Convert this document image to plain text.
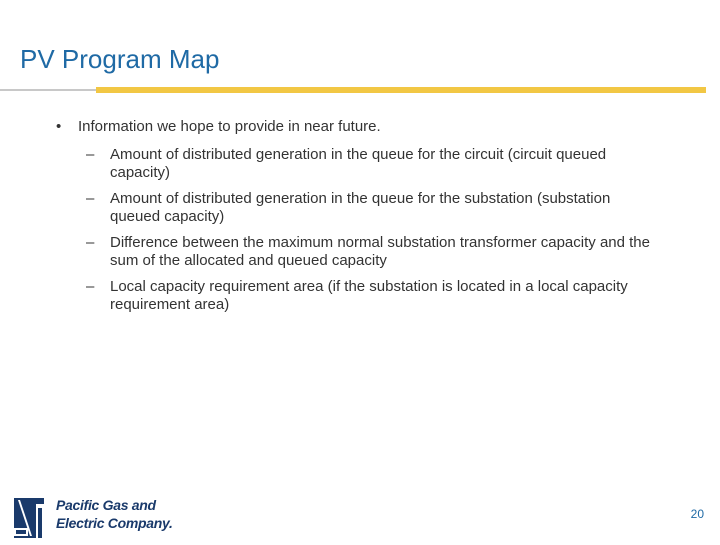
PV Program Map
• Information we hope to provide in near future.
– Amount of distributed generation in the queue for the circuit (circuit queued capacity)
– Amount of distributed generation in the queue for the substation (substation queued capacity)
– Difference between the maximum normal substation transformer capacity and the sum of the allocated and queued capacity
– Local capacity requirement area (if the substation is located in a local capacity requirement area)
Pacific Gas and
Electric Company.
20
